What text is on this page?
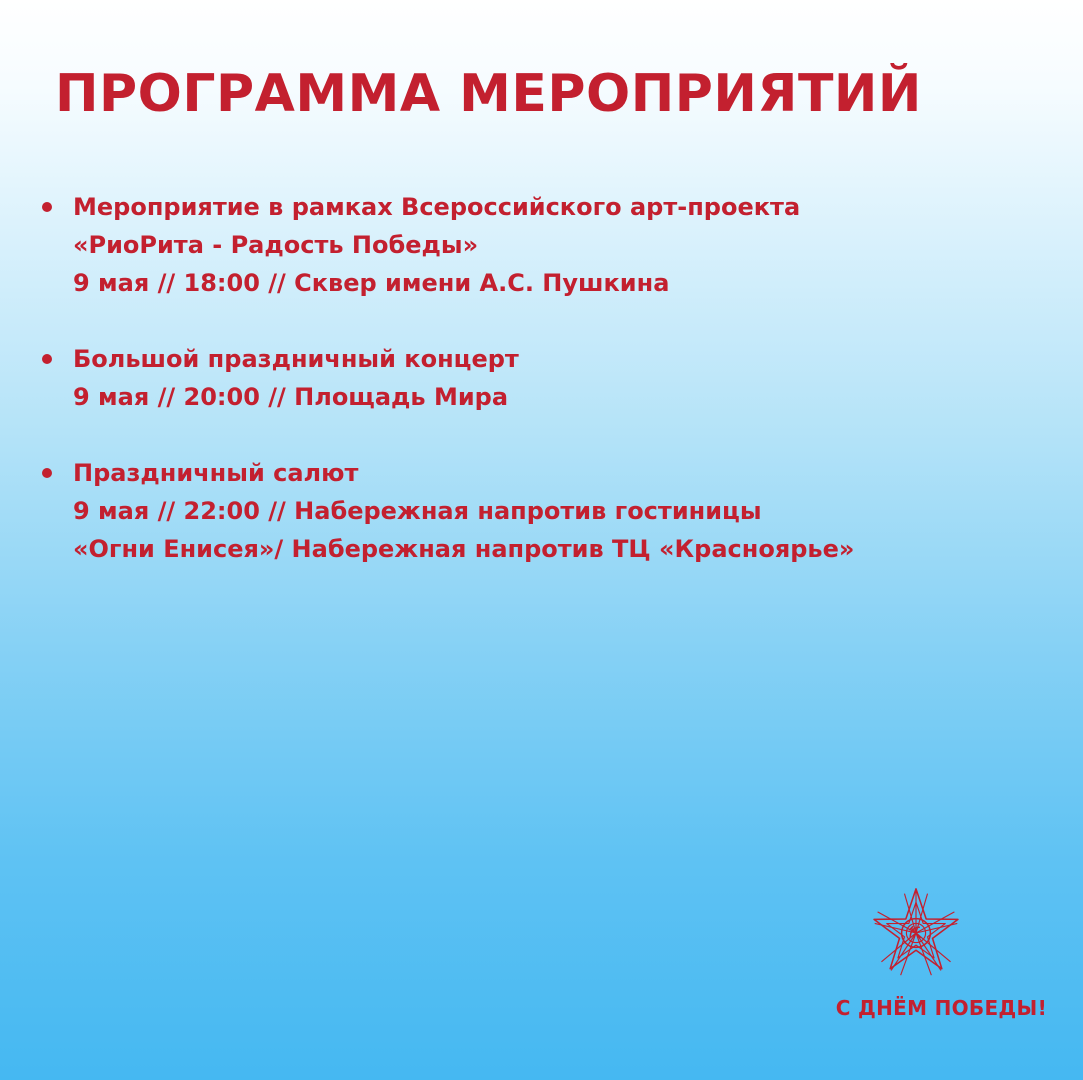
ПРОГРАММА МЕРОПРИЯТИЙ
Мероприятие в рамках Всероссийского арт-проекта
«РиоРита - Радость Победы»
9 мая // 18:00 // Сквер имени А.С. Пушкина
Большой праздничный концерт
9 мая // 20:00 // Площадь Мира
Праздничный салют
9 мая // 22:00 // Набережная напротив гостиницы
«Огни Енисея»/ Набережная напротив ТЦ «Красноярье»

С ДНЁМ ПОБЕДЫ!
